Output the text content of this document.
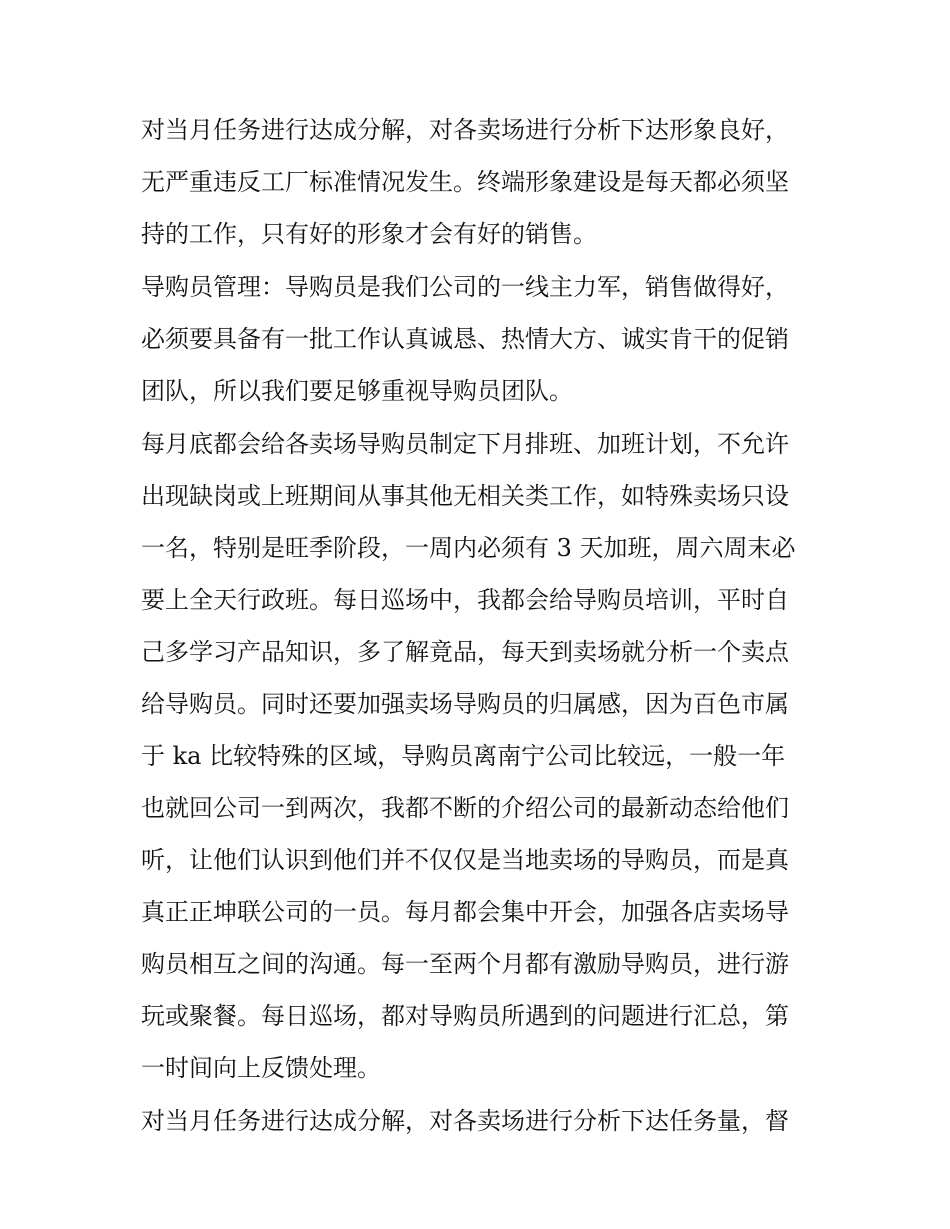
对当月任务进行达成分解，对各卖场进行分析下达形象良好，
无严重违反工厂标准情况发生。终端形象建设是每天都必须坚
持的工作，只有好的形象才会有好的销售。

导购员管理：导购员是我们公司的一线主力军，销售做得好，
必须要具备有一批工作认真诚恳、热情大方、诚实肯干的促销
团队，所以我们要足够重视导购员团队。

每月底都会给各卖场导购员制定下月排班、加班计划，不允许
出现缺岗或上班期间从事其他无相关类工作，如特殊卖场只设
一名，特别是旺季阶段，一周内必须有 3 天加班，周六周末必
要上全天行政班。每日巡场中，我都会给导购员培训，平时自
己多学习产品知识，多了解竟品，每天到卖场就分析一个卖点
给导购员。同时还要加强卖场导购员的归属感，因为百色市属
于 ka 比较特殊的区域，导购员离南宁公司比较远，一般一年
也就回公司一到两次，我都不断的介绍公司的最新动态给他们
听，让他们认识到他们并不仅仅是当地卖场的导购员，而是真
真正正坤联公司的一员。每月都会集中开会，加强各店卖场导
购员相互之间的沟通。每一至两个月都有激励导购员，进行游
玩或聚餐。每日巡场，都对导购员所遇到的问题进行汇总，第
一时间向上反馈处理。

对当月任务进行达成分解，对各卖场进行分析下达任务量，督
